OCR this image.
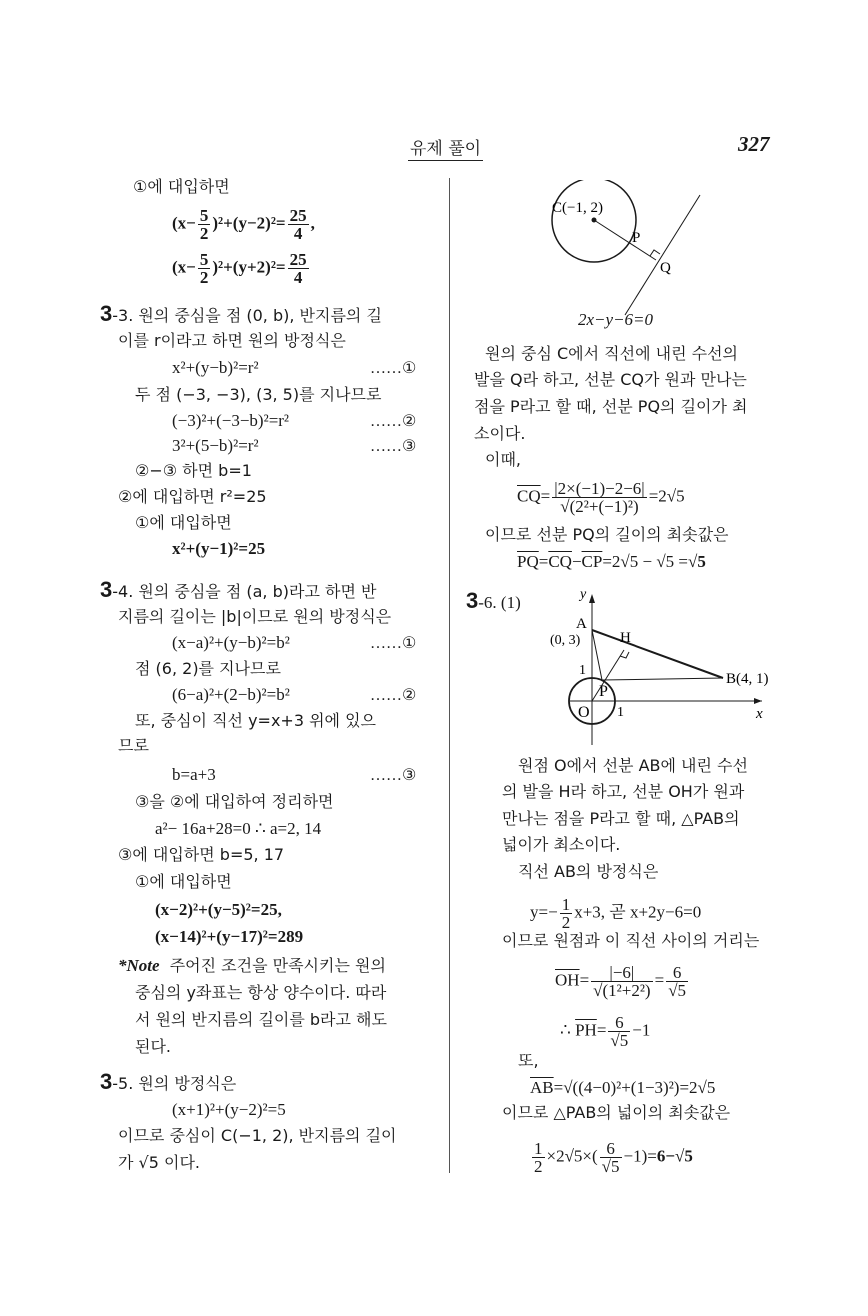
유제 풀이	327
①에 대입하면
$(x- \frac{5}{2} )^2+(y-2)^2= \frac{25}{4}$ ,
$(x- \frac{5}{2} )^2+(y+2)^2= \frac{25}{4}$
3-3. 원의 중심을 점 (0, b), 반지름의 길
이를 r이라고 하면 원의 방정식은
x²+(y−b)²=r²	……①
두 점 (−3, −3), (3, 5)를 지나므로
(−3)²+(−3−b)²=r²	……②
3²+(5−b)²=r²	……③
②−③ 하면 b=1
②에 대입하면 r²=25
①에 대입하면
x²+(y−1)²=25
3-4. 원의 중심을 점 (a, b)라고 하면 반
지름의 길이는 |b|이므로 원의 방정식은
(x−a)²+(y−b)²=b²	……①
점 (6, 2)를 지나므로
(6−a)²+(2−b)²=b²	……②
또, 중심이 직선 y=x+3 위에 있으
므로
b=a+3	……③
③을 ②에 대입하여 정리하면
a²− 16a+28=0 ∴ a=2, 14
③에 대입하면 b=5, 17
①에 대입하면
(x−2)²+(y−5)²=25,
(x−14)²+(y−17)²=289
*Note 주어진 조건을 만족시키는 원의
중심의 y좌표는 항상 양수이다. 따라
서 원의 반지름의 길이를 b라고 해도
된다.
3-5. 원의 방정식은
(x+1)²+(y−2)²=5
이므로 중심이 C(−1, 2), 반지름의 길이
가 √5 이다.
C(−1, 2)
P
Q
2x−y−6=0
원의 중심 C에서 직선에 내린 수선의
발을 Q라 하고, 선분 CQ가 원과 만나는
점을 P라고 할 때, 선분 PQ의 길이가 최
소이다.
이때,
$\overline{CQ}= \frac{|2\times(-1)-2-6|}{\text{√(2²+(−1)²)}} =2√5$
이므로 선분 PQ의 길이의 최솟값은
$\overline{PQ}=\overline{CQ}-\overline{CP}=2√5 - √5 =√5$
3-6. (1)	y
x
A
(0, 3)	H
B(4, 1)
1
1
P
O
원점 O에서 선분 AB에 내린 수선
의 발을 H라 하고, 선분 OH가 원과
만나는 점을 P라고 할 때, △PAB의
넓이가 최소이다.
직선 AB의 방정식은
$y=- \frac{1}{2} x+3$, 곧 x+2y−6=0
이므로 원점과 이 직선 사이의 거리는
$\overline{OH}= \frac{|-6|}{\text{√(1²+2²)}} = \frac{6}{√5}$
∴ $\overline{PH}= \frac{6}{√5} -1$
또,
$\overline{AB}=√((4-0)^2+(1-3)^2)=2√5$
이므로 △PAB의 넓이의 최솟값은
$\frac{1}{2} \times 2√5\times( \frac{6}{√5} -1)=6-√5$
